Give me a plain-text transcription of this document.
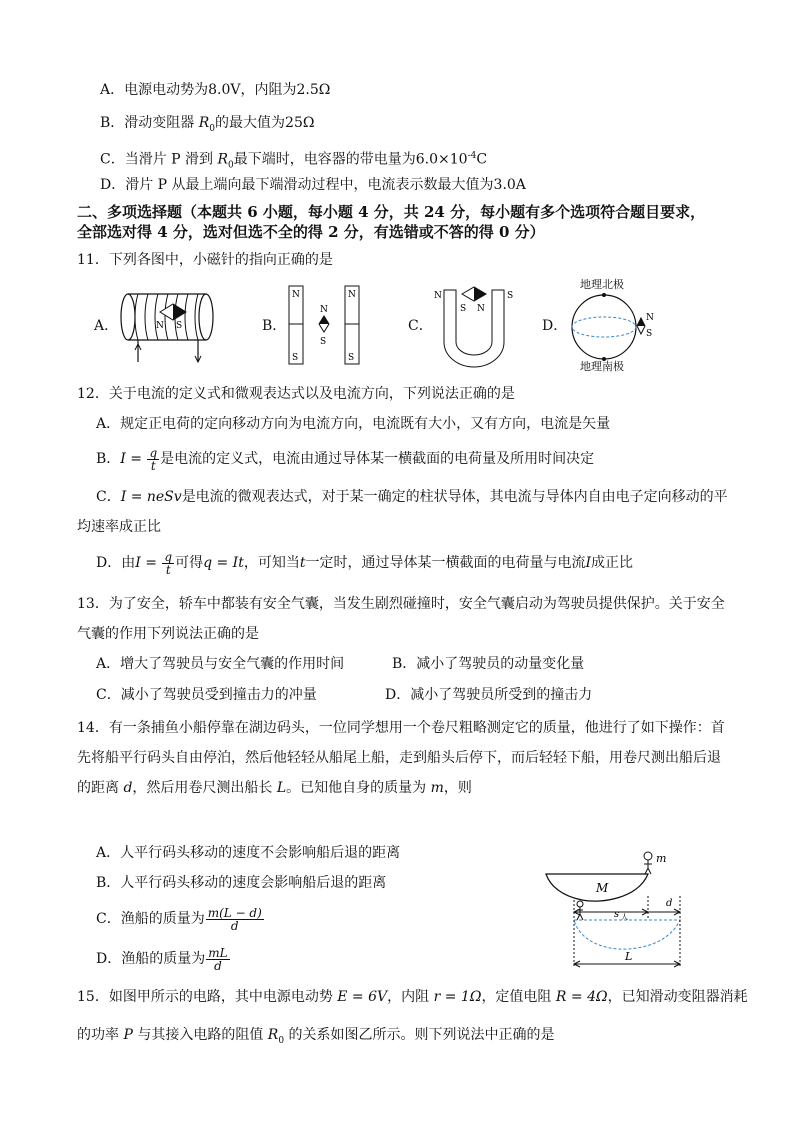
A．电源电动势为8.0V，内阻为2.5Ω
B．滑动变阻器 $R_0$的最大值为25Ω
C．当滑片 P 滑到 $R_0$最下端时，电容器的带电量为$6.0\times 10^{-4}C$
D．滑片 P 从最上端向最下端滑动过程中，电流表示数最大值为3.0A
二、多项选择题（本题共 6 小题，每小题 4 分，共 24 分，每小题有多个选项符合题目要求，
全部选对得 4 分，选对但选不全的得 2 分，有选错或不答的得 0 分）
11．下列各图中，小磁针的指向正确的是
A．	N S	B．
N
S
N
S
N
S
C．
N	S
S N
D．
地理北极
N
S
地理南极
12．关于电流的定义式和微观表达式以及电流方向，下列说法正确的是
A．规定正电荷的定向移动方向为电流方向，电流既有大小，又有方向，电流是矢量
B．$I = \frac{q}{t}$ 是电流的定义式，电流由通过导体某一横截面的电荷量及所用时间决定
C．I = neSv是电流的微观表达式，对于某一确定的柱状导体，其电流与导体内自由电子定向移动的平
均速率成正比
D．由$I = \frac{q}{t}$ 可得q = It，可知当t一定时，通过导体某一横截面的电荷量与电流I成正比
13．为了安全，轿车中都装有安全气囊，当发生剧烈碰撞时，安全气囊启动为驾驶员提供保护。关于安全
气囊的作用下列说法正确的是
A．增大了驾驶员与安全气囊的作用时间	B．减小了驾驶员的动量变化量
C．减小了驾驶员受到撞击力的冲量	D．减小了驾驶员所受到的撞击力
14．有一条捕鱼小船停靠在湖边码头，一位同学想用一个卷尺粗略测定它的质量，他进行了如下操作：首
先将船平行码头自由停泊，然后他轻轻从船尾上船，走到船头后停下，而后轻轻下船，用卷尺测出船后退
的距离 d，然后用卷尺测出船长 L。已知他自身的质量为 m，则
A．人平行码头移动的速度不会影响船后退的距离
B．人平行码头移动的速度会影响船后退的距离
C．渔船的质量为 $\frac{m(L - d)}{d}$
D．渔船的质量为 $\frac{mL}{d}$
M
m
s 人
d
L
15．如图甲所示的电路，其中电源电动势 E = 6V，内阻 r = 1Ω，定值电阻 R = 4Ω，已知滑动变阻器消耗
的功率 P 与其接入电路的阻值 $R_0$ 的关系如图乙所示。则下列说法中正确的是
